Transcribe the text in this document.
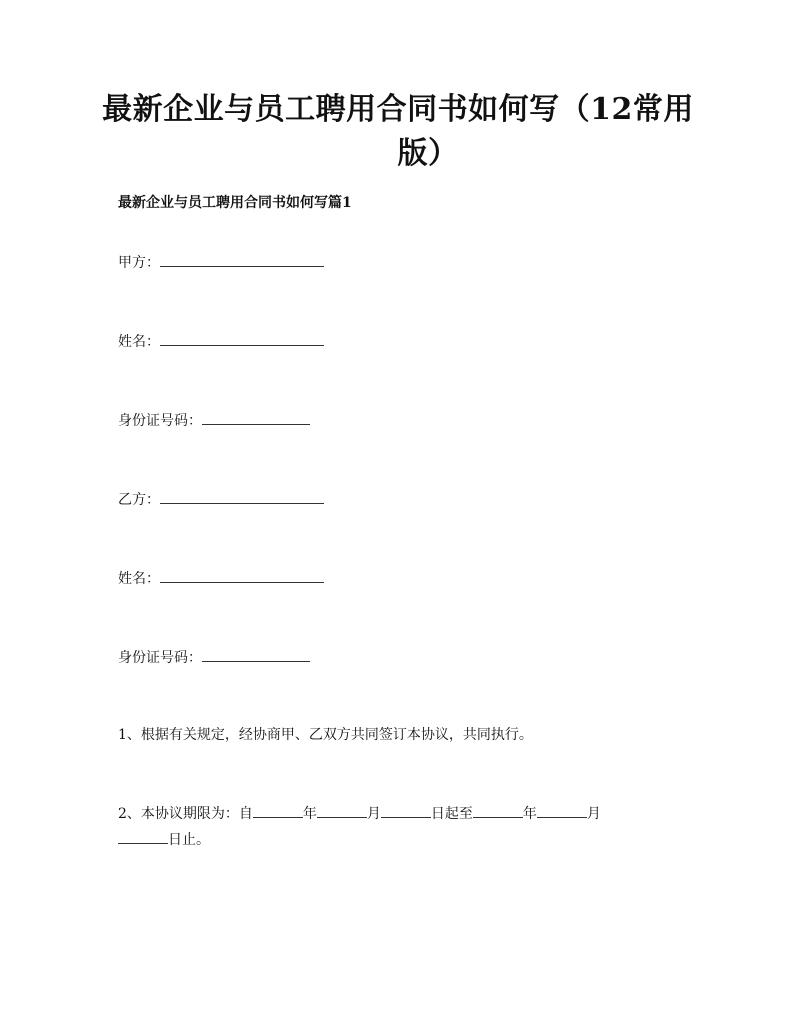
最新企业与员工聘用合同书如何写（12常用
版）
最新企业与员工聘用合同书如何写篇1
甲方：
姓名：
身份证号码：
乙方：
姓名：
身份证号码：
1、根据有关规定，经协商甲、乙双方共同签订本协议，共同执行。
2、本协议期限为：自	年	月	日起至	年	月
日止。
